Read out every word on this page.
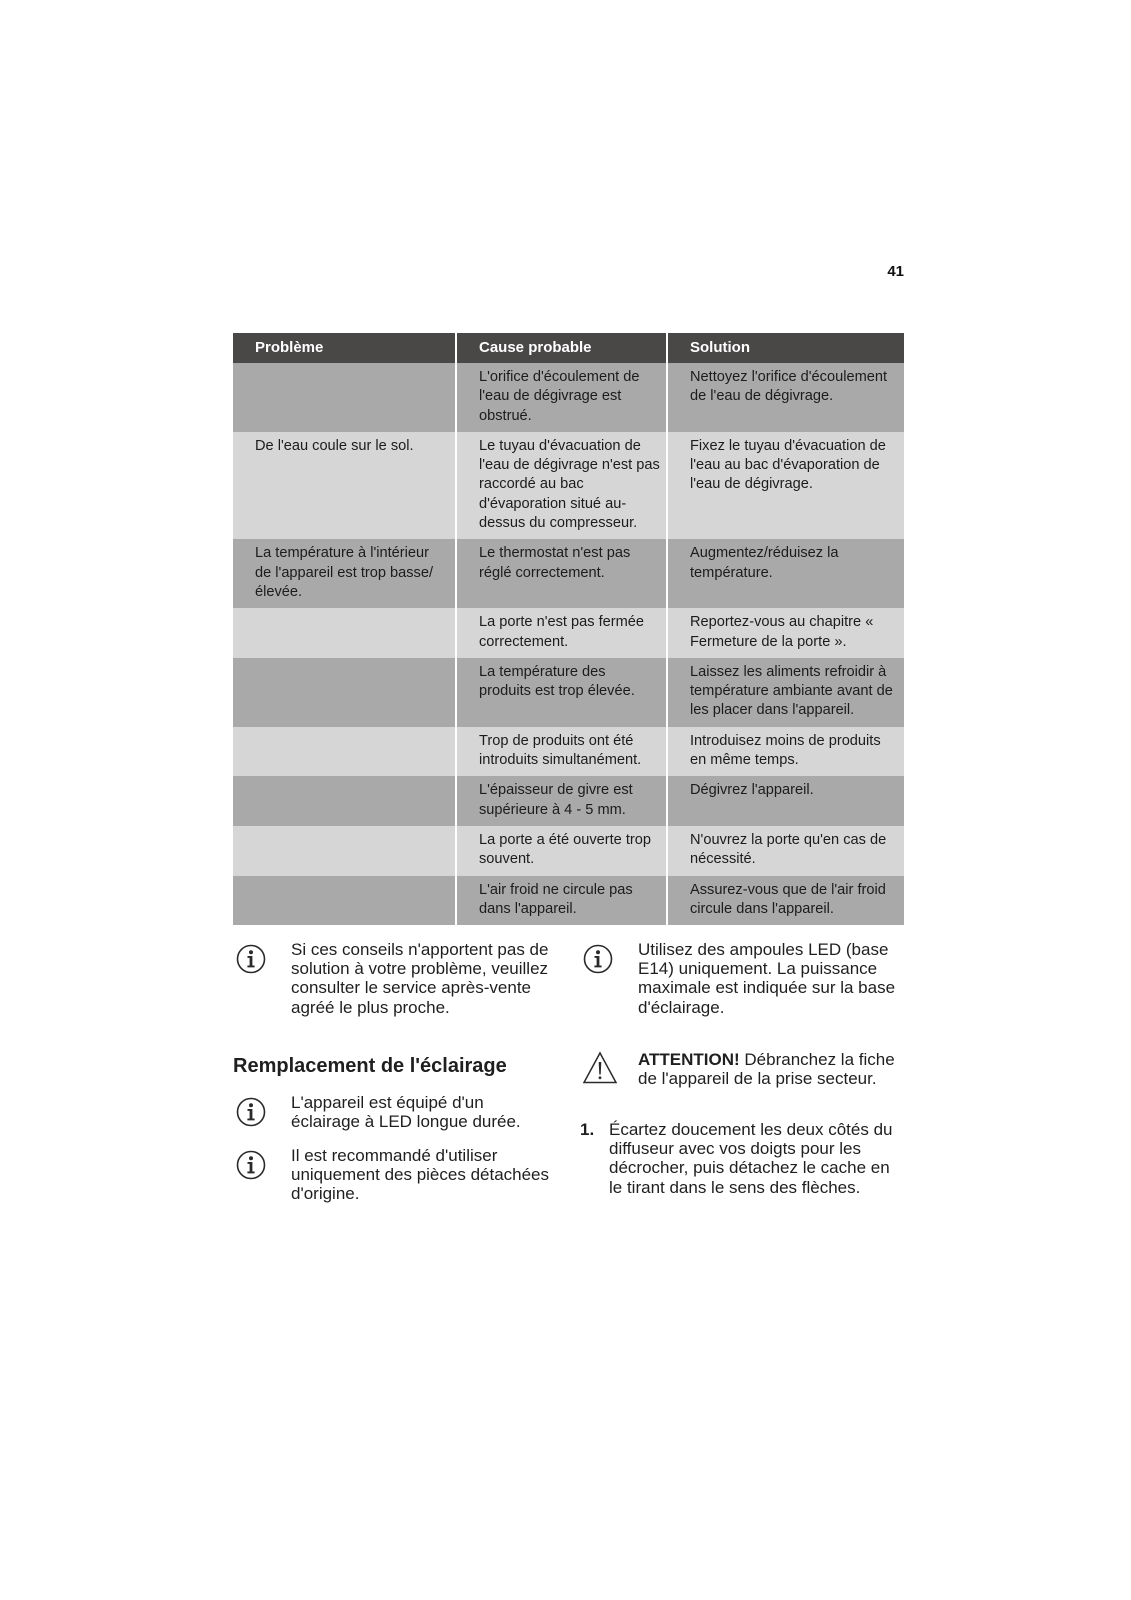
41
Problème	Cause probable	Solution
	L'orifice d'écoulement de l'eau de dégivrage est obstrué.	Nettoyez l'orifice d'écoulement de l'eau de dégivrage.
De l'eau coule sur le sol.	Le tuyau d'évacuation de l'eau de dégivrage n'est pas raccordé au bac d'évaporation situé au-dessus du compresseur.	Fixez le tuyau d'évacuation de l'eau au bac d'évaporation de l'eau de dégivrage.
La température à l'intérieur de l'appareil est trop basse/élevée.	Le thermostat n'est pas réglé correctement.	Augmentez/réduisez la température.
	La porte n'est pas fermée correctement.	Reportez-vous au chapitre « Fermeture de la porte ».
	La température des produits est trop élevée.	Laissez les aliments refroidir à température ambiante avant de les placer dans l'appareil.
	Trop de produits ont été introduits simultanément.	Introduisez moins de produits en même temps.
	L'épaisseur de givre est supérieure à 4 - 5 mm.	Dégivrez l'appareil.
	La porte a été ouverte trop souvent.	N'ouvrez la porte qu'en cas de nécessité.
	L'air froid ne circule pas dans l'appareil.	Assurez-vous que de l'air froid circule dans l'appareil.
Si ces conseils n'apportent pas de solution à votre problème, veuillez consulter le service après-vente agréé le plus proche.
Remplacement de l'éclairage
L'appareil est équipé d'un éclairage à LED longue durée.
Il est recommandé d'utiliser uniquement des pièces détachées d'origine.
Utilisez des ampoules LED (base E14) uniquement. La puissance maximale est indiquée sur la base d'éclairage.
ATTENTION! Débranchez la fiche de l'appareil de la prise secteur.
1. Écartez doucement les deux côtés du diffuseur avec vos doigts pour les décrocher, puis détachez le cache en le tirant dans le sens des flèches.
